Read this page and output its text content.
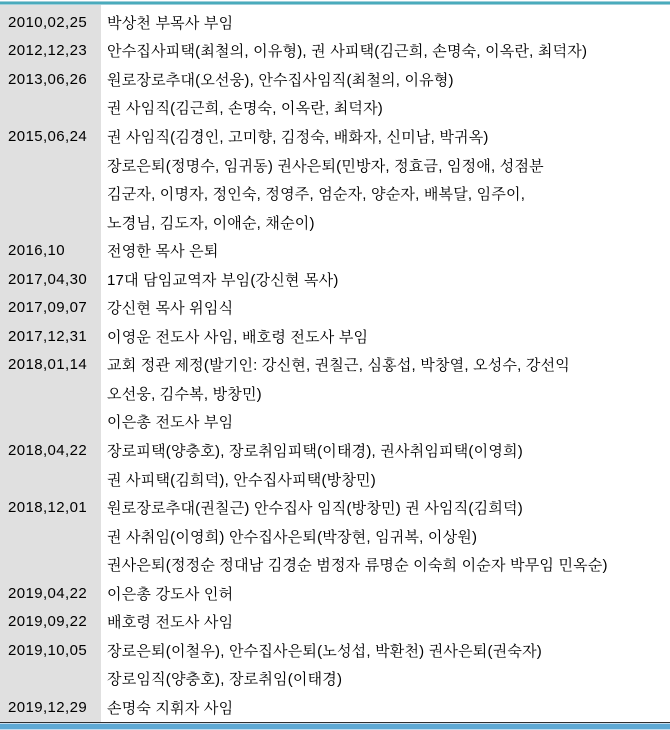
2010,02,25	박상천 부목사 부임
2012,12,23	안수집사피택(최철의, 이유형), 권 사피택(김근희, 손명숙, 이옥란, 최덕자)
2013,06,26	원로장로추대(오선웅), 안수집사임직(최철의, 이유형)
권 사임직(김근희, 손명숙, 이옥란, 최덕자)
2015,06,24	권 사임직(김경인, 고미향, 김정숙, 배화자, 신미남, 박귀옥)
장로은퇴(정명수, 임귀동) 권사은퇴(민방자, 정효금, 임정애, 성점분
김군자, 이명자, 정인숙, 정영주, 엄순자, 양순자, 배복달, 임주이,
노경님, 김도자, 이애순, 채순이)
2016,10	전영한 목사 은퇴
2017,04,30	17대 담임교역자 부임(강신현 목사)
2017,09,07	강신현 목사 위임식
2017,12,31	이영운 전도사 사임, 배호령 전도사 부임
2018,01,14	교회 정관 제정(발기인: 강신현, 권칠근, 심홍섭, 박창열, 오성수, 강선익
오선웅, 김수복, 방창민)
이은총 전도사 부임
2018,04,22	장로피택(양충호), 장로취임피택(이태경), 권사취임피택(이영희)
권 사피택(김희덕), 안수집사피택(방창민)
2018,12,01	원로장로추대(권칠근) 안수집사 임직(방창민) 권 사임직(김희덕)
권 사취임(이영희) 안수집사은퇴(박장현, 임귀복, 이상원)
권사은퇴(정정순 정대남 김경순 범정자 류명순 이숙희 이순자 박무임 민옥순)
2019,04,22	이은총 강도사 인허
2019,09,22	배호령 전도사 사임
2019,10,05	장로은퇴(이철우), 안수집사은퇴(노성섭, 박환천) 권사은퇴(권숙자)
장로임직(양충호), 장로취임(이태경)
2019,12,29	손명숙 지휘자 사임
